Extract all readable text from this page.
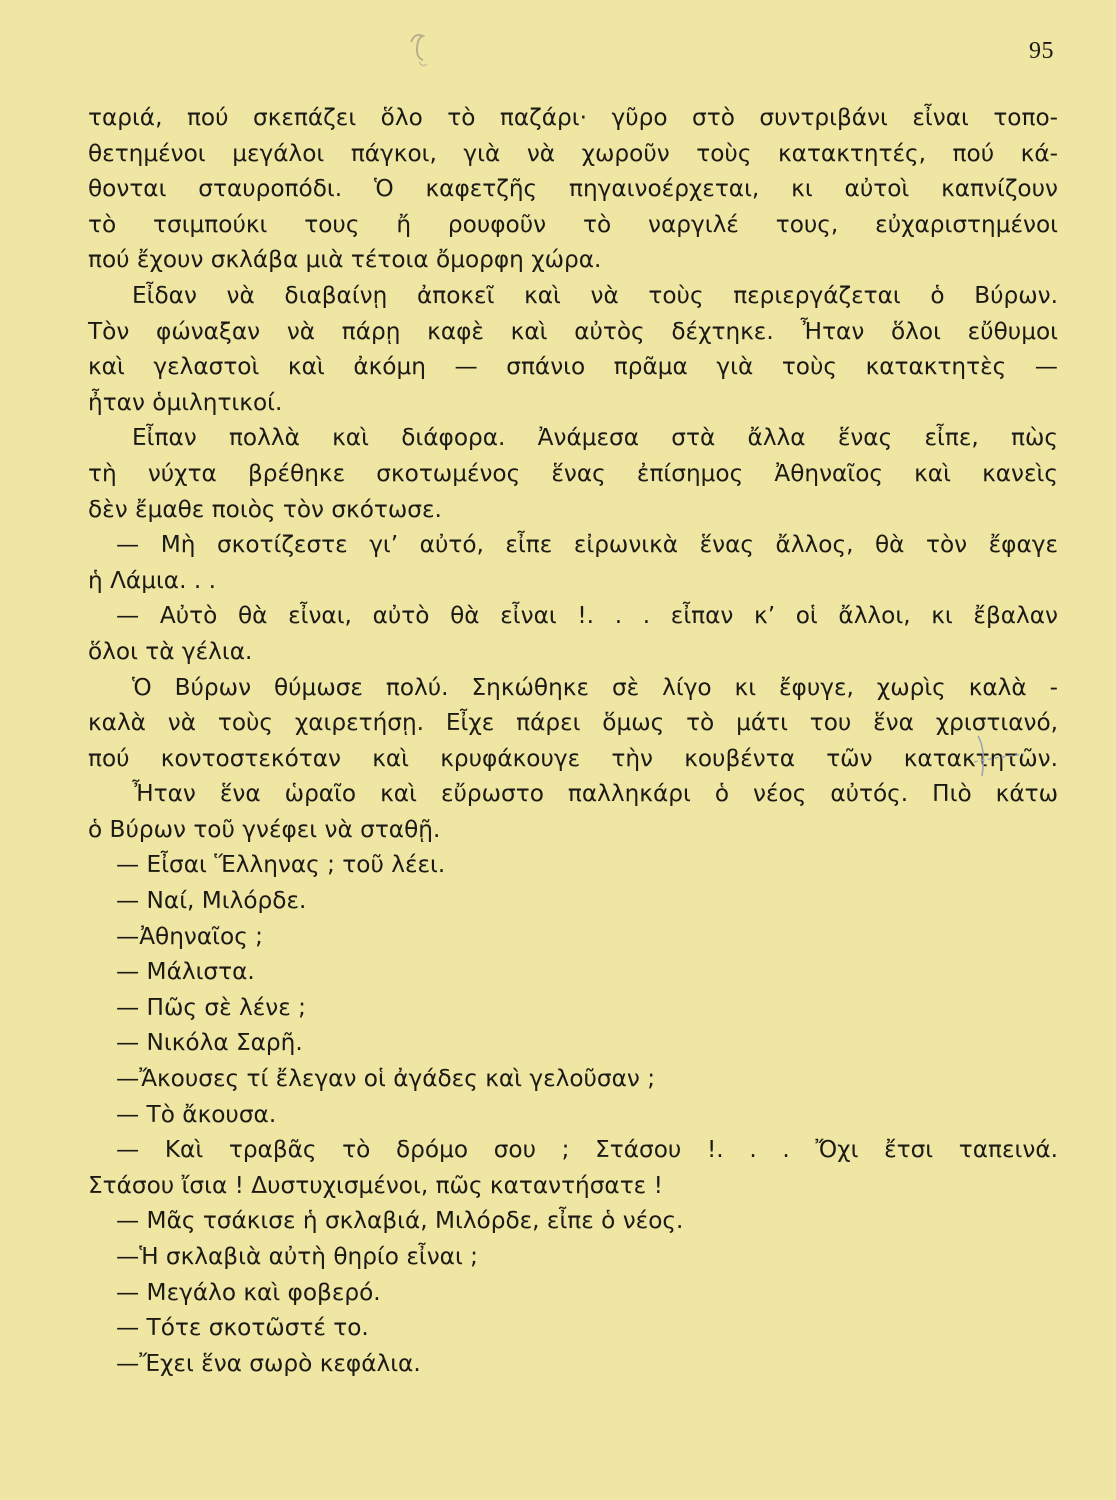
95
ταριά, πού σκεπάζει ὅλο τὸ παζάρι· γῦρο στὸ συντριβάνι εἶναι τοπο-
θετημένοι μεγάλοι πάγκοι, γιὰ νὰ χωροῦν τοὺς κατακτητές, πού κά-
θονται σταυροπόδι. Ὁ καφετζῆς πηγαινοέρχεται, κι αὐτοὶ καπνίζουν
τὸ τσιμπούκι τους ἤ ρουφοῦν τὸ ναργιλέ τους, εὐχαριστημένοι
πού ἔχουν σκλάβα μιὰ τέτοια ὄμορφη χώρα.
Εἶδαν νὰ διαβαίνῃ ἀποκεῖ καὶ νὰ τοὺς περιεργάζεται ὁ Βύρων.
Τὸν φώναξαν νὰ πάρῃ καφὲ καὶ αὐτὸς δέχτηκε. Ἦταν ὅλοι εὔθυμοι
καὶ γελαστοὶ καὶ ἀκόμη — σπάνιο πρᾶμα γιὰ τοὺς κατακτητὲς —
ἦταν ὁμιλητικοί.
Εἶπαν πολλὰ καὶ διάφορα. Ἀνάμεσα στὰ ἄλλα ἕνας εἶπε, πὼς
τὴ νύχτα βρέθηκε σκοτωμένος ἕνας ἐπίσημος Ἀθηναῖος καὶ κανεὶς
δὲν ἔμαθε ποιὸς τὸν σκότωσε.
— Μὴ σκοτίζεστε γι’ αὐτό, εἶπε εἰρωνικὰ ἕνας ἄλλος, θὰ τὸν ἔφαγε
ἡ Λάμια. . .
— Αὐτὸ θὰ εἶναι, αὐτὸ θὰ εἶναι !. . . εἶπαν κ’ οἱ ἄλλοι, κι ἔβαλαν
ὅλοι τὰ γέλια.
Ὁ Βύρων θύμωσε πολύ. Σηκώθηκε σὲ λίγο κι ἔφυγε, χωρὶς καλὰ -
καλὰ νὰ τοὺς χαιρετήσῃ. Εἶχε πάρει ὅμως τὸ μάτι του ἕνα χριστιανό,
πού κοντοστεκόταν καὶ κρυφάκουγε τὴν κουβέντα τῶν κατακτητῶν.
Ἦταν ἕνα ὡραῖο καὶ εὔρωστο παλληκάρι ὁ νέος αὐτός. Πιὸ κάτω
ὁ Βύρων τοῦ γνέφει νὰ σταθῇ.
— Εἶσαι Ἕλληνας ; τοῦ λέει.
— Ναί, Μιλόρδε.
—Ἀθηναῖος ;
— Μάλιστα.
— Πῶς σὲ λένε ;
— Νικόλα Σαρῆ.
—Ἄκουσες τί ἔλεγαν οἱ ἀγάδες καὶ γελοῦσαν ;
— Τὸ ἄκουσα.
— Καὶ τραβᾶς τὸ δρόμο σου ; Στάσου !. . . Ὄχι ἔτσι ταπεινά.
Στάσου ἴσια ! Δυστυχισμένοι, πῶς καταντήσατε !
— Μᾶς τσάκισε ἡ σκλαβιά, Μιλόρδε, εἶπε ὁ νέος.
—Ἡ σκλαβιὰ αὐτὴ θηρίο εἶναι ;
— Μεγάλο καὶ φοβερό.
— Τότε σκοτῶστέ το.
—Ἔχει ἕνα σωρὸ κεφάλια.
